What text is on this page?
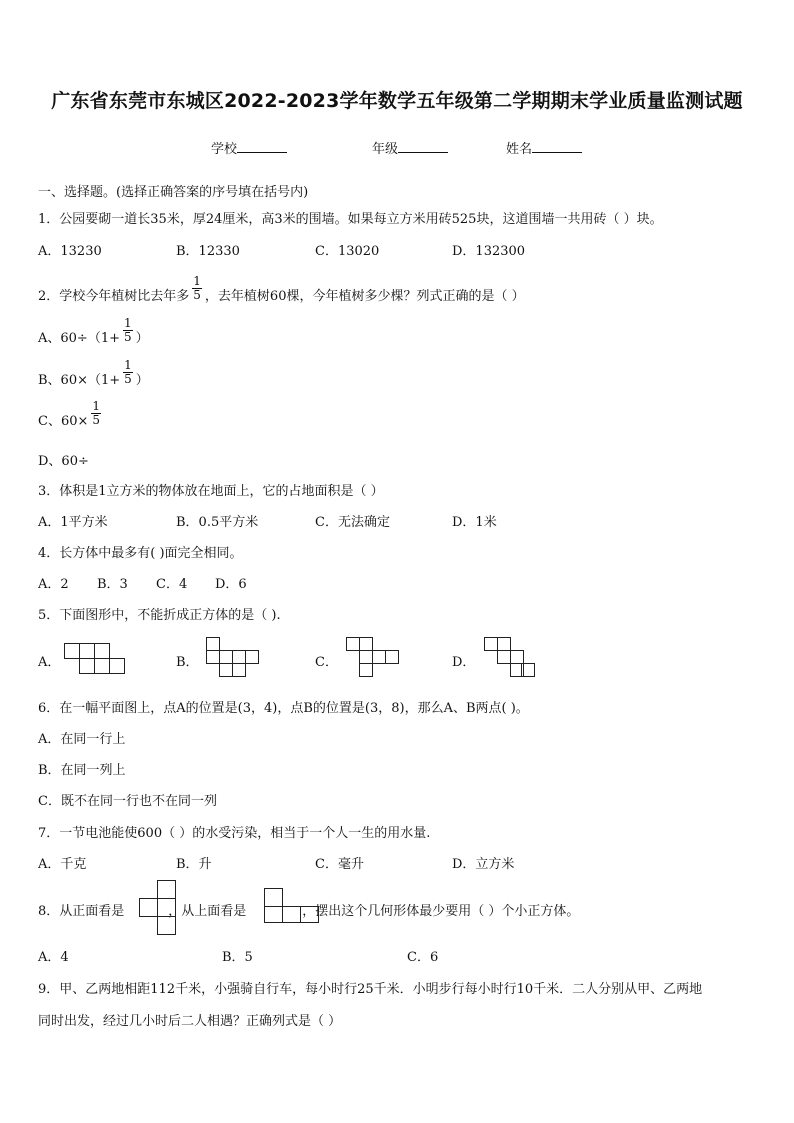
广东省东莞市东城区2022-2023学年数学五年级第二学期期末学业质量监测试题
学校	年级	姓名
一、选择题。(选择正确答案的序号填在括号内)
1．公园要砌一道长35米，厚24厘米，高3米的围墙。如果每立方米用砖525块，这道围墙一共用砖（ ）块。
A．13230	B．12330	C．13020	D．132300
2．学校今年植树比去年多 $\frac{1}{5}$ ，去年植树60棵，今年植树多少棵？列式正确的是（ ）
A、$60\div(1+ \frac{1}{5}$ ）
B、$60\times(1+ \frac{1}{5}$ ）
C、$60\times \frac{1}{5}$
D、60÷
3．体积是1立方米的物体放在地面上，它的占地面积是（ ）
A．1平方米	B．0.5平方米	C．无法确定	D．1米
4．长方体中最多有( )面完全相同。
A．2 B．3 C．4 D．6
5．下面图形中，不能折成正方体的是（ ).
A．	B．	C．	D．
6．在一幅平面图上，点A的位置是(3，4)，点B的位置是(3，8)，那么A、B两点( )。
A．在同一行上
B．在同一列上
C．既不在同一行也不在同一列
7．一节电池能使600（ ）的水受污染，相当于一个人一生的用水量.
A．千克	B．升	C．毫升	D．立方米
8．从正面看是	，从上面看是	，摆出这个几何形体最少要用（ ）个小正方体。
A．4	B．5	C．6
9．甲、乙两地相距112千米，小强骑自行车，每小时行25千米．小明步行每小时行10千米．二人分别从甲、乙两地
同时出发，经过几小时后二人相遇？正确列式是（ ）
